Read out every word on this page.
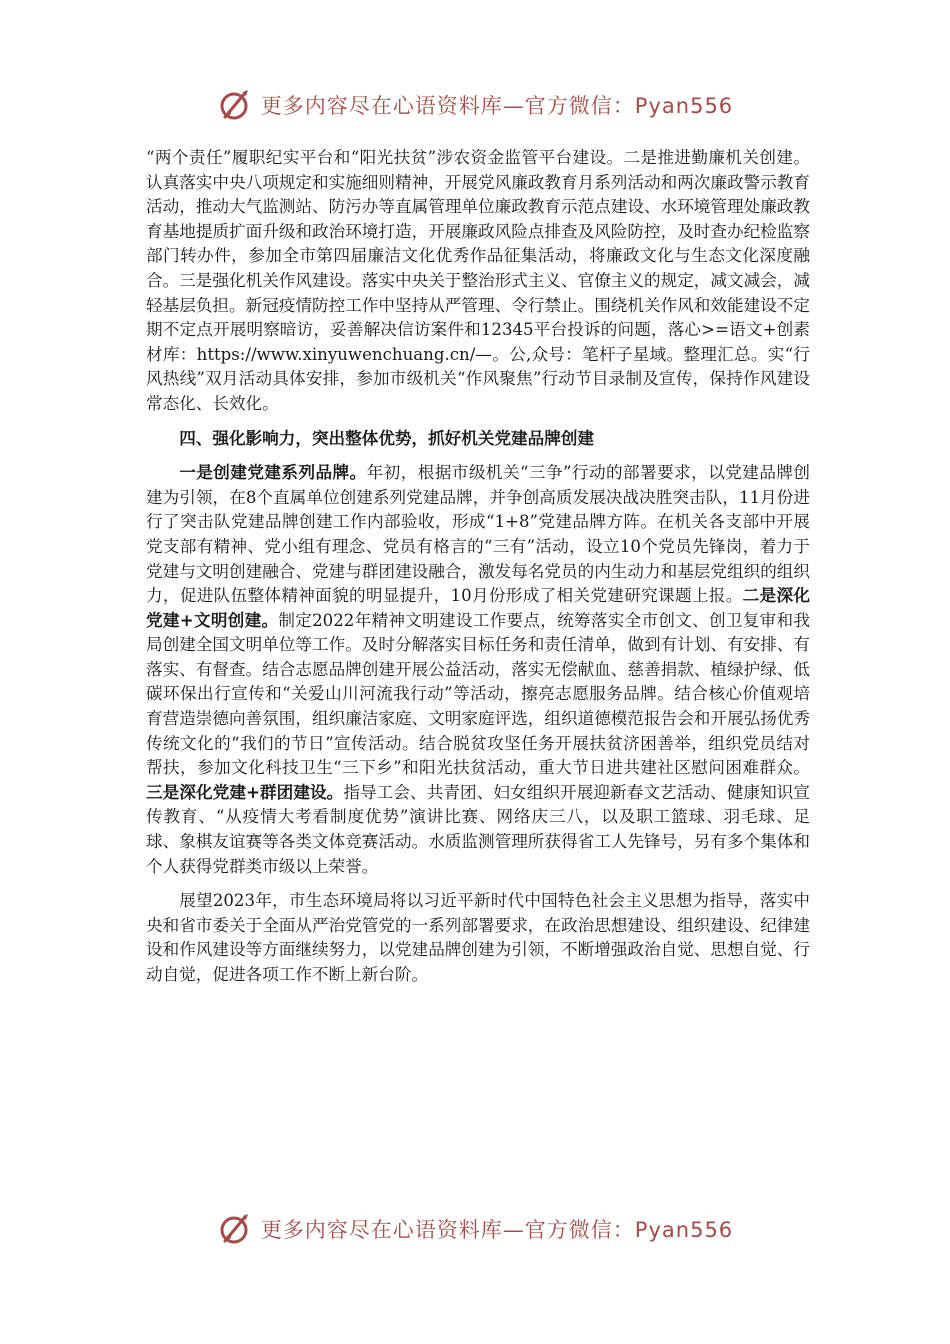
更多内容尽在心语资料库—官方微信：Pyan556

“两个责任”履职纪实平台和“阳光扶贫”涉农资金监管平台建设。二是推进勤廉机关创建。认真落实中央八项规定和实施细则精神，开展党风廉政教育月系列活动和两次廉政警示教育活动，推动大气监测站、防污办等直属管理单位廉政教育示范点建设、水环境管理处廉政教育基地提质扩面升级和政治环境打造，开展廉政风险点排查及风险防控，及时查办纪检监察部门转办件，参加全市第四届廉洁文化优秀作品征集活动，将廉政文化与生态文化深度融合。三是强化机关作风建设。落实中央关于整治形式主义、官僚主义的规定，减文减会，减轻基层负担。新冠疫情防控工作中坚持从严管理、令行禁止。围绕机关作风和效能建设不定期不定点开展明察暗访，妥善解决信访案件和12345平台投诉的问题，落心>=语文+创素材库：https://www.xinyuwenchuang.cn/—。公,众号：笔杆子星域。整理汇总。实“行风热线”双月活动具体安排，参加市级机关“作风聚焦”行动节目录制及宣传，保持作风建设常态化、长效化。

四、强化影响力，突出整体优势，抓好机关党建品牌创建

一是创建党建系列品牌。年初，根据市级机关“三争”行动的部署要求，以党建品牌创建为引领，在8个直属单位创建系列党建品牌，并争创高质发展决战决胜突击队，11月份进行了突击队党建品牌创建工作内部验收，形成“1+8”党建品牌方阵。在机关各支部中开展党支部有精神、党小组有理念、党员有格言的“三有”活动，设立10个党员先锋岗，着力于党建与文明创建融合、党建与群团建设融合，激发每名党员的内生动力和基层党组织的组织力，促进队伍整体精神面貌的明显提升，10月份形成了相关党建研究课题上报。二是深化党建+文明创建。制定2022年精神文明建设工作要点，统筹落实全市创文、创卫复审和我局创建全国文明单位等工作。及时分解落实目标任务和责任清单，做到有计划、有安排、有落实、有督查。结合志愿品牌创建开展公益活动，落实无偿献血、慈善捐款、植绿护绿、低碳环保出行宣传和“关爱山川河流我行动”等活动，擦亮志愿服务品牌。结合核心价值观培育营造崇德向善氛围，组织廉洁家庭、文明家庭评选，组织道德模范报告会和开展弘扬优秀传统文化的“我们的节日”宣传活动。结合脱贫攻坚任务开展扶贫济困善举，组织党员结对帮扶，参加文化科技卫生“三下乡”和阳光扶贫活动，重大节日进共建社区慰问困难群众。三是深化党建+群团建设。指导工会、共青团、妇女组织开展迎新春文艺活动、健康知识宣传教育、“从疫情大考看制度优势”演讲比赛、网络庆三八，以及职工篮球、羽毛球、足球、象棋友谊赛等各类文体竞赛活动。水质监测管理所获得省工人先锋号，另有多个集体和个人获得党群类市级以上荣誉。

展望2023年，市生态环境局将以习近平新时代中国特色社会主义思想为指导，落实中央和省市委关于全面从严治党管党的一系列部署要求，在政治思想建设、组织建设、纪律建设和作风建设等方面继续努力，以党建品牌创建为引领，不断增强政治自觉、思想自觉、行动自觉，促进各项工作不断上新台阶。

更多内容尽在心语资料库—官方微信：Pyan556
